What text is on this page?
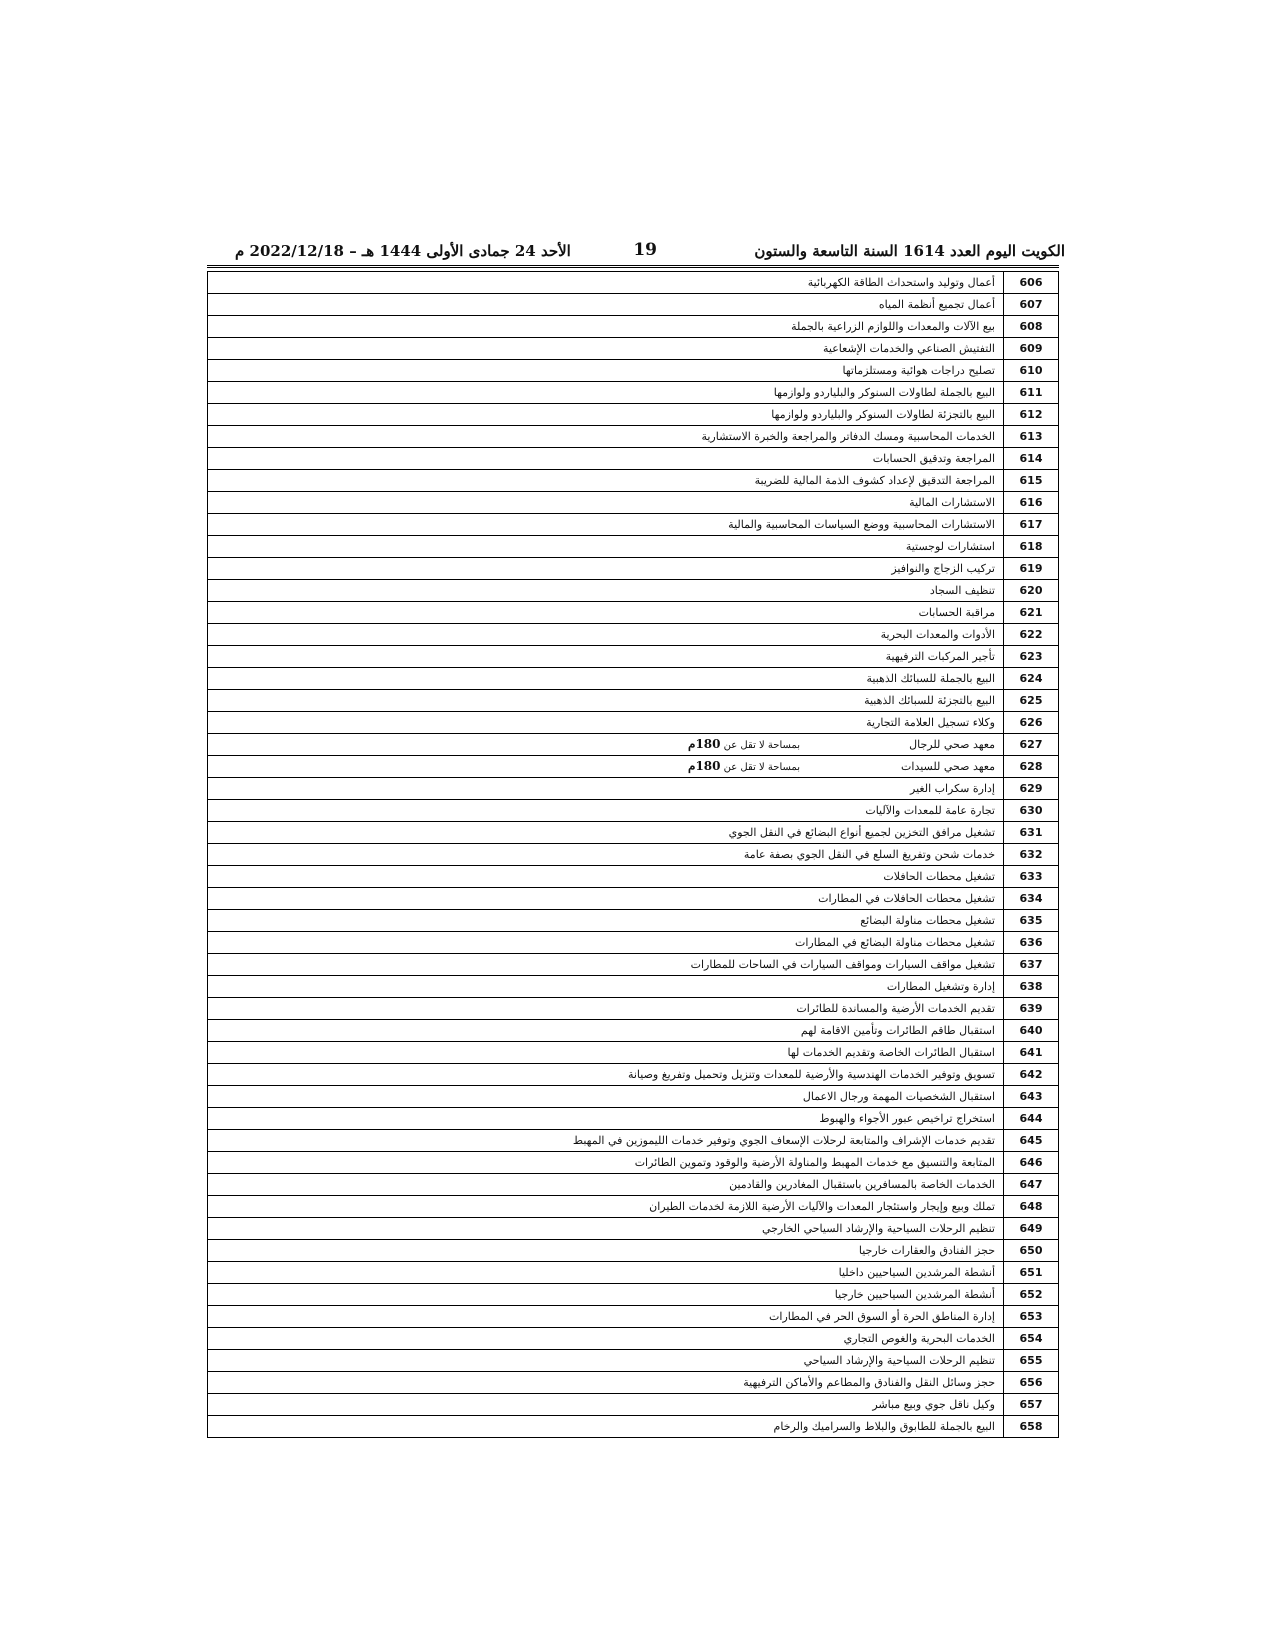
الكويت اليوم العدد 1614 السنة التاسعة والستون
19
الأحد 24 جمادى الأولى 1444 هـ – 2022/12/18 م
606	أعمال وتوليد واستحداث الطاقة الكهربائية
607	أعمال تجميع أنظمة المياه
608	بيع الآلات والمعدات واللوازم الزراعية بالجملة
609	التفتيش الصناعي والخدمات الإشعاعية
610	تصليح دراجات هوائية ومستلزماتها
611	البيع بالجملة لطاولات السنوكر والبلياردو ولوازمها
612	البيع بالتجزئة لطاولات السنوكر والبلياردو ولوازمها
613	الخدمات المحاسبية ومسك الدفاتر والمراجعة والخبرة الاستشارية
614	المراجعة وتدقيق الحسابات
615	المراجعة التدقيق لإعداد كشوف الذمة المالية للضريبة
616	الاستشارات المالية
617	الاستشارات المحاسبية ووضع السياسات المحاسبية والمالية
618	استشارات لوجستية
619	تركيب الزجاج والنوافيز
620	تنظيف السجاد
621	مراقبة الحسابات
622	الأدوات والمعدات البحرية
623	تأجير المركبات الترفيهية
624	البيع بالجملة للسبائك الذهبية
625	البيع بالتجزئة للسبائك الذهبية
626	وكلاء تسجيل العلامة التجارية
627	معهد صحي للرجال
بمساحة لا تقل عن 180م

628	معهد صحي للسيدات
بمساحة لا تقل عن 180م

629	إدارة سكراب الغير
630	تجارة عامة للمعدات والآليات
631	تشغيل مرافق التخزين لجميع أنواع البضائع في النقل الجوي
632	خدمات شحن وتفريغ السلع في النقل الجوي بصفة عامة
633	تشغيل محطات الحافلات
634	تشغيل محطات الحافلات في المطارات
635	تشغيل محطات مناولة البضائع
636	تشغيل محطات مناولة البضائع في المطارات
637	تشغيل مواقف السيارات ومواقف السيارات في الساحات للمطارات
638	إدارة وتشغيل المطارات
639	تقديم الخدمات الأرضية والمساندة للطائرات
640	استقبال طاقم الطائرات وتأمين الاقامة لهم
641	استقبال الطائرات الخاصة وتقديم الخدمات لها
642	تسويق وتوفير الخدمات الهندسية والأرضية للمعدات وتنزيل وتحميل وتفريغ وصيانة
643	استقبال الشخصيات المهمة ورجال الاعمال
644	استخراج تراخيص عبور الأجواء والهبوط
645	تقديم خدمات الإشراف والمتابعة لرحلات الإسعاف الجوي وتوفير خدمات الليموزين في المهبط
646	المتابعة والتنسيق مع خدمات المهبط والمناولة الأرضية والوقود وتموين الطائرات
647	الخدمات الخاصة بالمسافرين باستقبال المغادرين والقادمين
648	تملك وبيع وإيجار واستئجار المعدات والآليات الأرضية اللازمة لخدمات الطيران
649	تنظيم الرحلات السياحية والإرشاد السياحي الخارجي
650	حجز الفنادق والعقارات خارجيا
651	أنشطة المرشدين السياحيين داخليا
652	أنشطة المرشدين السياحيين خارجيا
653	إدارة المناطق الحرة أو السوق الحر في المطارات
654	الخدمات البحرية والغوص التجاري
655	تنظيم الرحلات السياحية والإرشاد السياحي
656	حجز وسائل النقل والفنادق والمطاعم والأماكن الترفيهية
657	وكيل ناقل جوي وبيع مباشر
658	البيع بالجملة للطابوق والبلاط والسراميك والرخام
